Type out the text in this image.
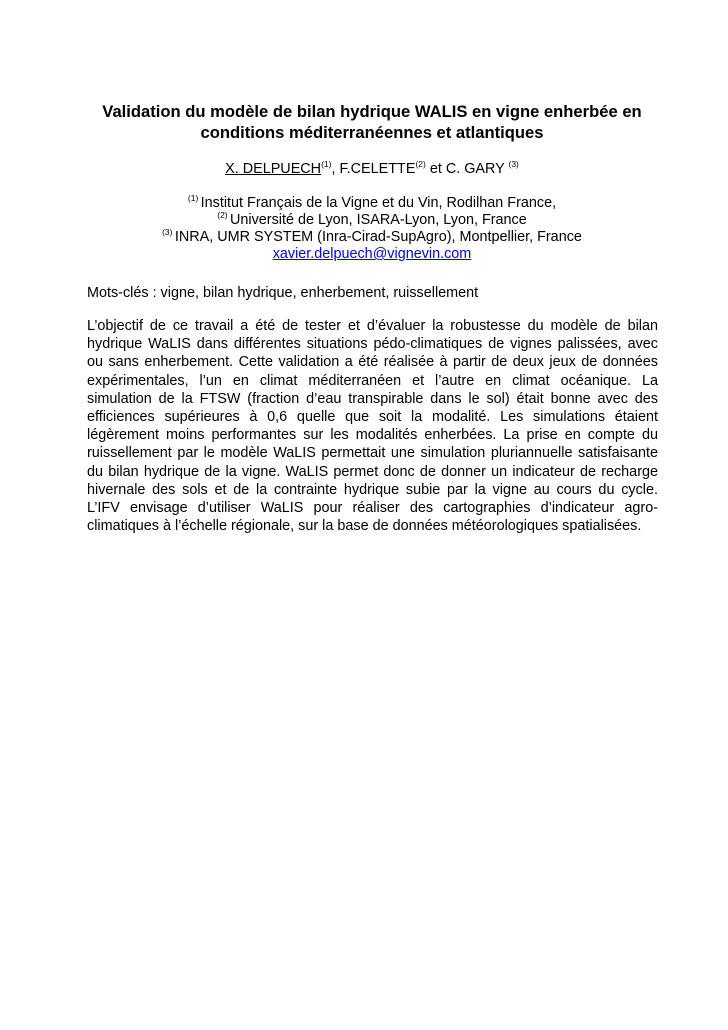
Validation du modèle de bilan hydrique WALIS en vigne enherbée en
conditions méditerranéennes et atlantiques
X. DELPUECH$^{(1)}$, F.CELETTE$^{(2)}$ et C. GARY $^{(3)}$
$^{(1)}$ Institut Français de la Vigne et du Vin, Rodilhan France,
$^{(2)}$ Université de Lyon, ISARA-Lyon, Lyon, France
$^{(3)}$ INRA, UMR SYSTEM (Inra-Cirad-SupAgro), Montpellier, France
xavier.delpuech@vignevin.com
Mots-clés : vigne, bilan hydrique, enherbement, ruissellement
L’objectif de ce travail a été de tester et d’évaluer la robustesse du modèle de bilan
hydrique WaLIS dans différentes situations pédo-climatiques de vignes palissées, avec
ou sans enherbement. Cette validation a été réalisée à partir de deux jeux de données
expérimentales, l’un en climat méditerranéen et l’autre en climat océanique. La
simulation de la FTSW (fraction d’eau transpirable dans le sol) était bonne avec des
efficiences supérieures à 0,6 quelle que soit la modalité. Les simulations étaient
légèrement moins performantes sur les modalités enherbées. La prise en compte du
ruissellement par le modèle WaLIS permettait une simulation pluriannuelle satisfaisante
du bilan hydrique de la vigne. WaLIS permet donc de donner un indicateur de recharge
hivernale des sols et de la contrainte hydrique subie par la vigne au cours du cycle.
L’IFV envisage d’utiliser WaLIS pour réaliser des cartographies d’indicateur agro-
climatiques à l’échelle régionale, sur la base de données météorologiques spatialisées.
